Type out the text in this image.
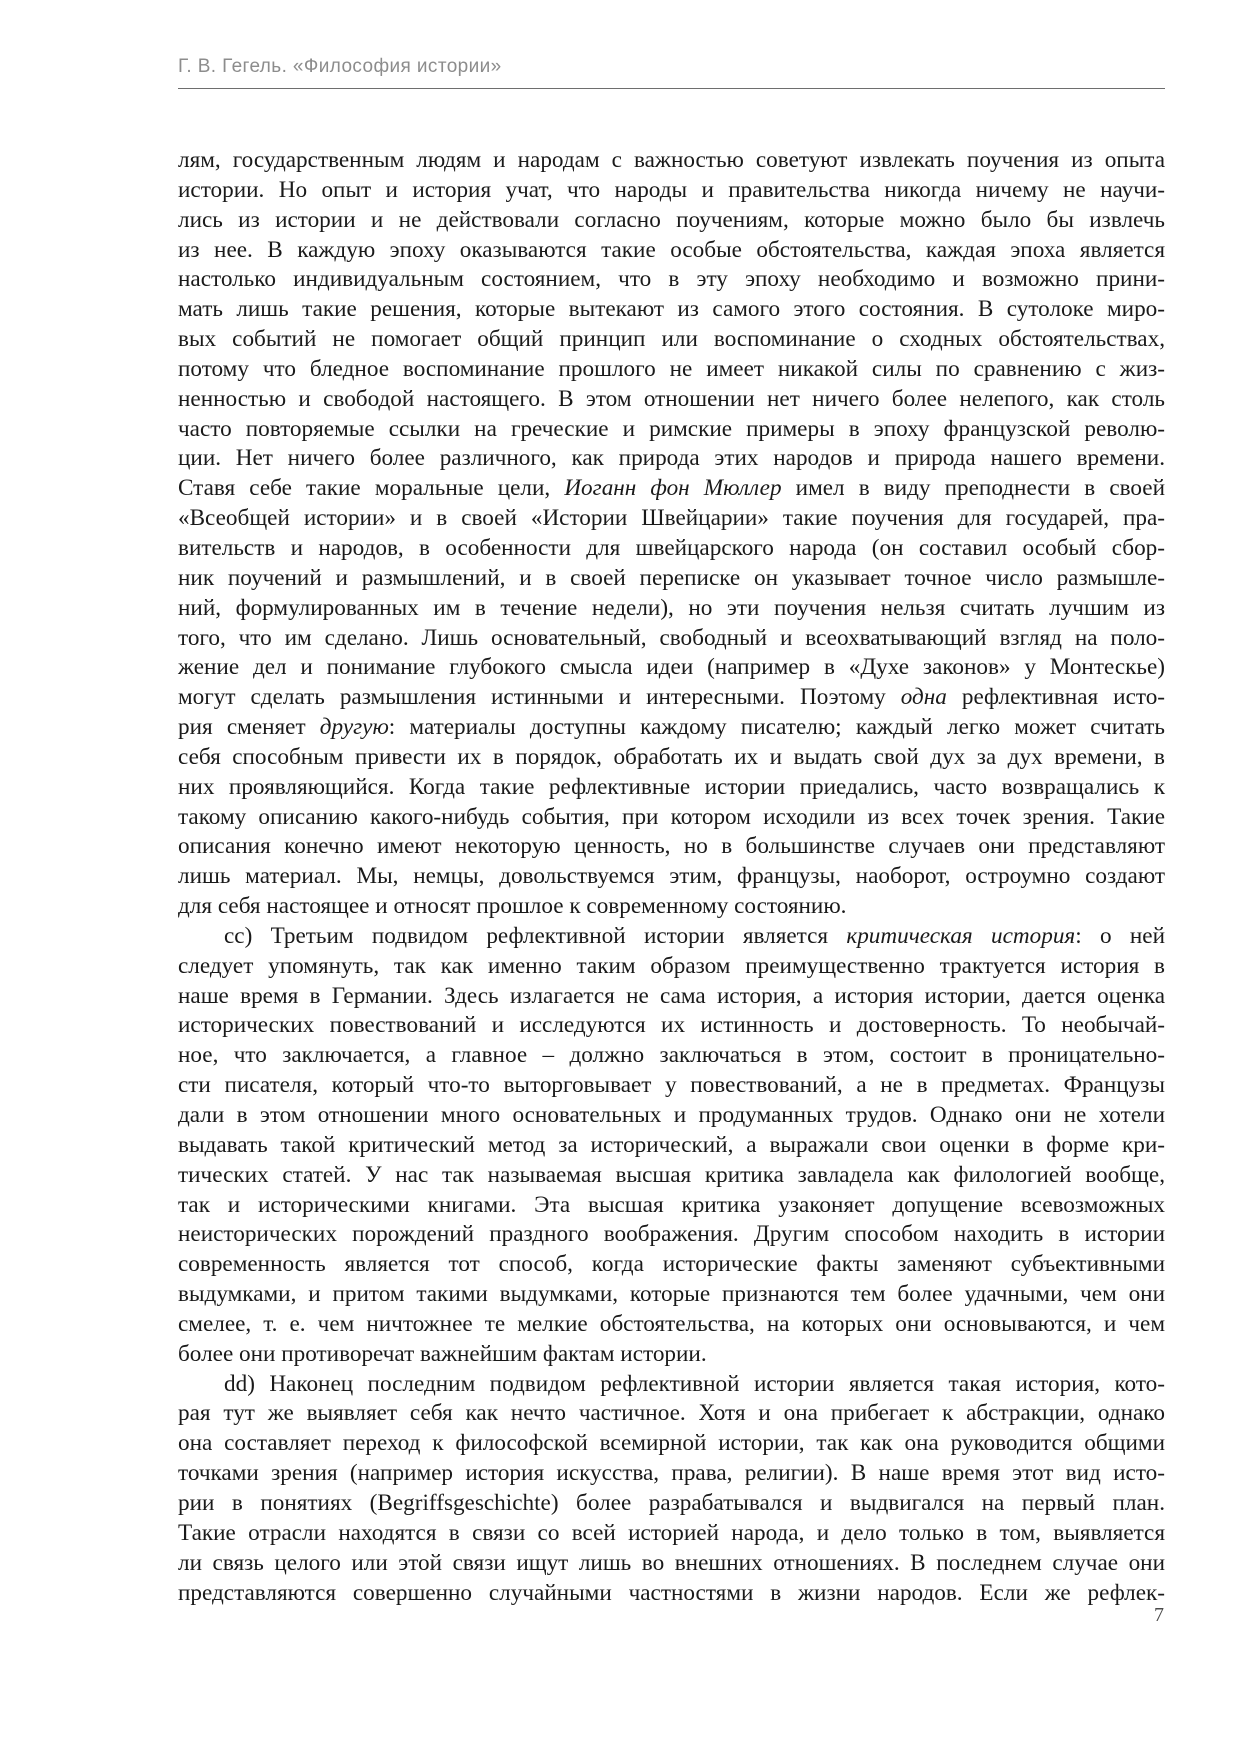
Г. В. Гегель. «Философия истории»
лям, государственным людям и народам с важностью советуют извлекать поучения из опыта
истории. Но опыт и история учат, что народы и правительства никогда ничему не научи-
лись из истории и не действовали согласно поучениям, которые можно было бы извлечь
из нее. В каждую эпоху оказываются такие особые обстоятельства, каждая эпоха является
настолько индивидуальным состоянием, что в эту эпоху необходимо и возможно прини-
мать лишь такие решения, которые вытекают из самого этого состояния. В сутолоке миро-
вых событий не помогает общий принцип или воспоминание о сходных обстоятельствах,
потому что бледное воспоминание прошлого не имеет никакой силы по сравнению с жиз-
ненностью и свободой настоящего. В этом отношении нет ничего более нелепого, как столь
часто повторяемые ссылки на греческие и римские примеры в эпоху французской револю-
ции. Нет ничего более различного, как природа этих народов и природа нашего времени.
Ставя себе такие моральные цели, Иоганн фон Мюллер имел в виду преподнести в своей
«Всеобщей истории» и в своей «Истории Швейцарии» такие поучения для государей, пра-
вительств и народов, в особенности для швейцарского народа (он составил особый сбор-
ник поучений и размышлений, и в своей переписке он указывает точное число размышле-
ний, формулированных им в течение недели), но эти поучения нельзя считать лучшим из
того, что им сделано. Лишь основательный, свободный и всеохватывающий взгляд на поло-
жение дел и понимание глубокого смысла идеи (например в «Духе законов» у Монтескье)
могут сделать размышления истинными и интересными. Поэтому одна рефлективная исто-
рия сменяет другую: материалы доступны каждому писателю; каждый легко может считать
себя способным привести их в порядок, обработать их и выдать свой дух за дух времени, в
них проявляющийся. Когда такие рефлективные истории приедались, часто возвращались к
такому описанию какого-нибудь события, при котором исходили из всех точек зрения. Такие
описания конечно имеют некоторую ценность, но в большинстве случаев они представляют
лишь материал. Мы, немцы, довольствуемся этим, французы, наоборот, остроумно создают
для себя настоящее и относят прошлое к современному состоянию.
сс) Третьим подвидом рефлективной истории является критическая история: о ней
следует упомянуть, так как именно таким образом преимущественно трактуется история в
наше время в Германии. Здесь излагается не сама история, а история истории, дается оценка
исторических повествований и исследуются их истинность и достоверность. То необычай-
ное, что заключается, а главное – должно заключаться в этом, состоит в проницательно-
сти писателя, который что-то выторговывает у повествований, а не в предметах. Французы
дали в этом отношении много основательных и продуманных трудов. Однако они не хотели
выдавать такой критический метод за исторический, а выражали свои оценки в форме кри-
тических статей. У нас так называемая высшая критика завладела как филологией вообще,
так и историческими книгами. Эта высшая критика узаконяет допущение всевозможных
неисторических порождений праздного воображения. Другим способом находить в истории
современность является тот способ, когда исторические факты заменяют субъективными
выдумками, и притом такими выдумками, которые признаются тем более удачными, чем они
смелее, т. е. чем ничтожнее те мелкие обстоятельства, на которых они основываются, и чем
более они противоречат важнейшим фактам истории.
dd) Наконец последним подвидом рефлективной истории является такая история, кото-
рая тут же выявляет себя как нечто частичное. Хотя и она прибегает к абстракции, однако
она составляет переход к философской всемирной истории, так как она руководится общими
точками зрения (например история искусства, права, религии). В наше время этот вид исто-
рии в понятиях (Begriffsgeschichte) более разрабатывался и выдвигался на первый план.
Такие отрасли находятся в связи со всей историей народа, и дело только в том, выявляется
ли связь целого или этой связи ищут лишь во внешних отношениях. В последнем случае они
представляются совершенно случайными частностями в жизни народов. Если же рефлек-
7
